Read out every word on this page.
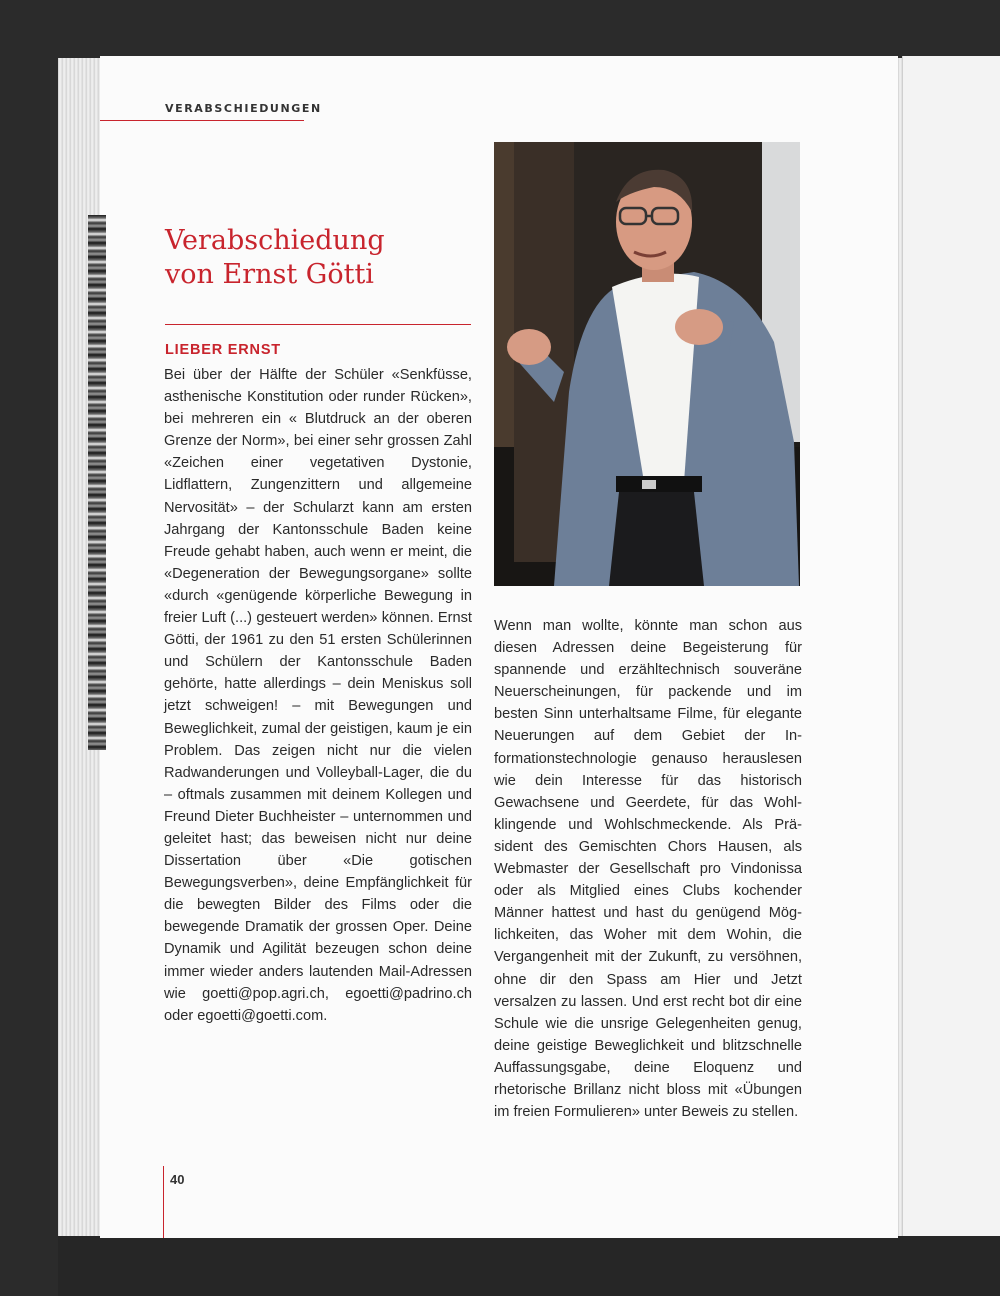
VERABSCHIEDUNGEN
Verabschiedung
von Ernst Götti
LIEBER ERNST

Bei über der Hälfte der Schüler «Senkfüsse, asthenische Konstitution oder runder Rücken», bei mehreren ein « Blutdruck an der oberen Grenze der Norm», bei einer sehr grossen Zahl «Zeichen einer vegetativen Dystonie, Lidflattern, Zungenzittern und allgemeine Nervosität» – der Schularzt kann am ersten Jahrgang der Kantonsschule Baden keine Freude gehabt haben, auch wenn er meint, die «Degeneration der Bewegungsorgane» sollte «durch «genügende körperliche Bewegung in freier Luft (...) gesteuert werden» können. Ernst Götti, der 1961 zu den 51 ersten Schülerinnen und Schülern der Kantonsschule Baden gehörte, hatte allerdings – dein Meniskus soll jetzt schweigen! – mit Bewegungen und Beweglichkeit, zumal der geistigen, kaum je ein Problem. Das zeigen nicht nur die vielen Radwanderungen und Volleyball-Lager, die du – oftmals zusammen mit deinem Kollegen und Freund Dieter Buchheister – unternommen und geleitet hast; das beweisen nicht nur deine Dissertation über «Die gotischen Bewegungsverben», deine Empfänglichkeit für die bewegten Bilder des Films oder die bewegende Dramatik der grossen Oper. Deine Dynamik und Agilität bezeugen schon deine immer wieder anders lautenden Mail-Adressen wie goetti@pop.agri.ch, egoetti@padrino.ch oder egoetti@goetti.com.

Wenn man wollte, könnte man schon aus diesen Adressen deine Begeisterung für spannende und erzähltechnisch souveräne Neuerscheinungen, für packende und im besten Sinn unterhaltsame Filme, für elegante Neuerungen auf dem Gebiet der Informationstechnologie genauso herauslesen wie dein Interesse für das historisch Gewachsene und Geerdete, für das Wohlklingende und Wohlschmeckende. Als Präsident des Gemischten Chors Hausen, als Webmaster der Gesellschaft pro Vindonissa oder als Mitglied eines Clubs kochender Männer hattest und hast du genügend Möglichkeiten, das Woher mit dem Wohin, die Vergangenheit mit der Zukunft, zu versöhnen, ohne dir den Spass am Hier und Jetzt versalzen zu lassen. Und erst recht bot dir eine Schule wie die unsrige Gelegenheiten genug, deine geistige Beweglichkeit und blitzschnelle Auffassungsgabe, deine Eloquenz und rhetorische Brillanz nicht bloss mit «Übungen im freien Formulieren» unter Beweis zu stellen.

40
